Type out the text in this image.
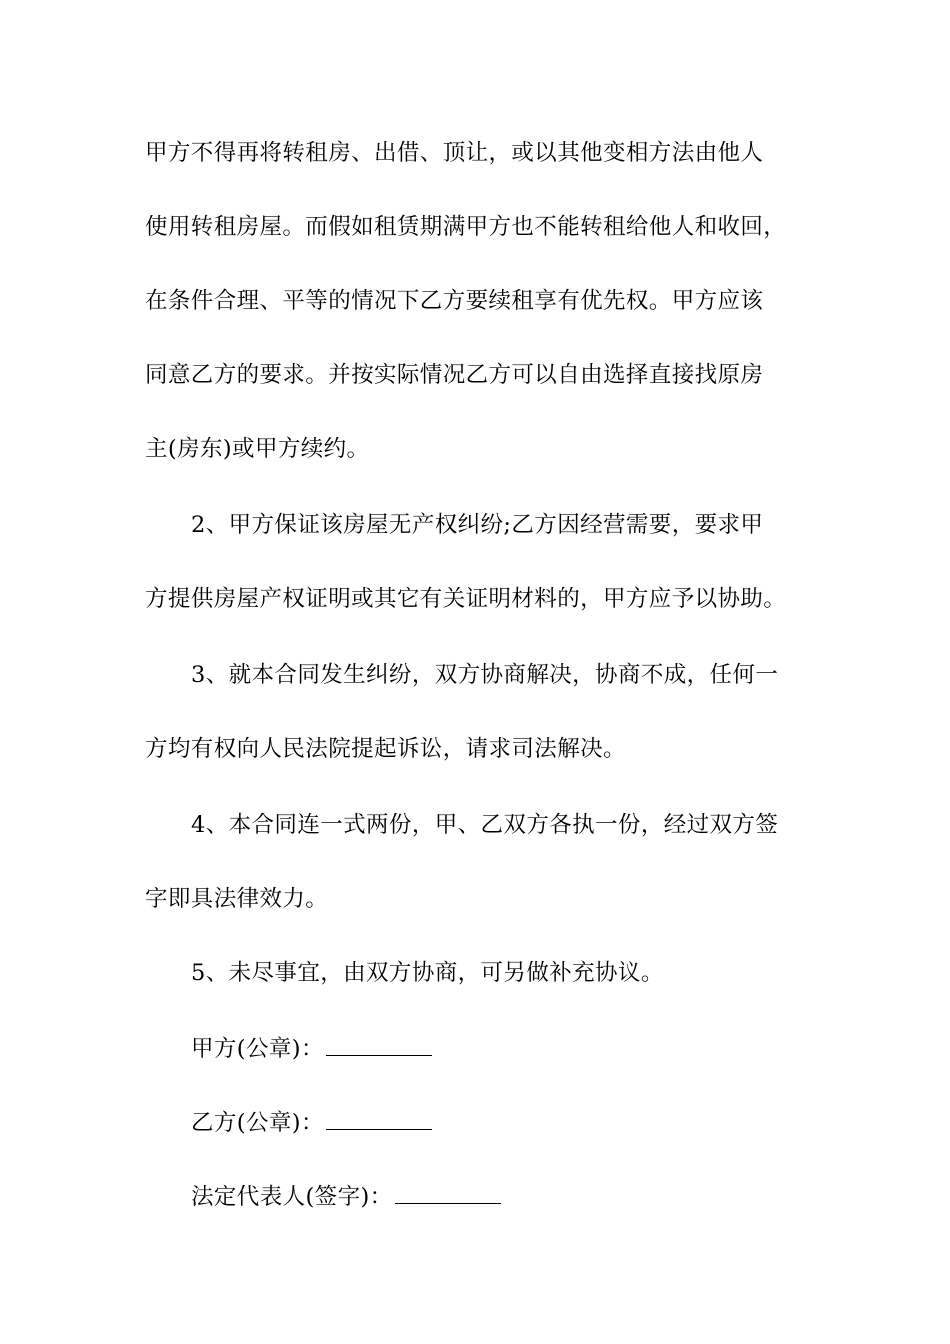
甲方不得再将转租房、出借、顶让，或以其他变相方法由他人
使用转租房屋。而假如租赁期满甲方也不能转租给他人和收回，
在条件合理、平等的情况下乙方要续租享有优先权。甲方应该
同意乙方的要求。并按实际情况乙方可以自由选择直接找原房
主(房东)或甲方续约。
2、甲方保证该房屋无产权纠纷;乙方因经营需要，要求甲
方提供房屋产权证明或其它有关证明材料的，甲方应予以协助。
3、就本合同发生纠纷，双方协商解决，协商不成，任何一
方均有权向人民法院提起诉讼，请求司法解决。
4、本合同连一式两份，甲、乙双方各执一份，经过双方签
字即具法律效力。
5、未尽事宜，由双方协商，可另做补充协议。
甲方(公章)：
乙方(公章)：
法定代表人(签字)：
